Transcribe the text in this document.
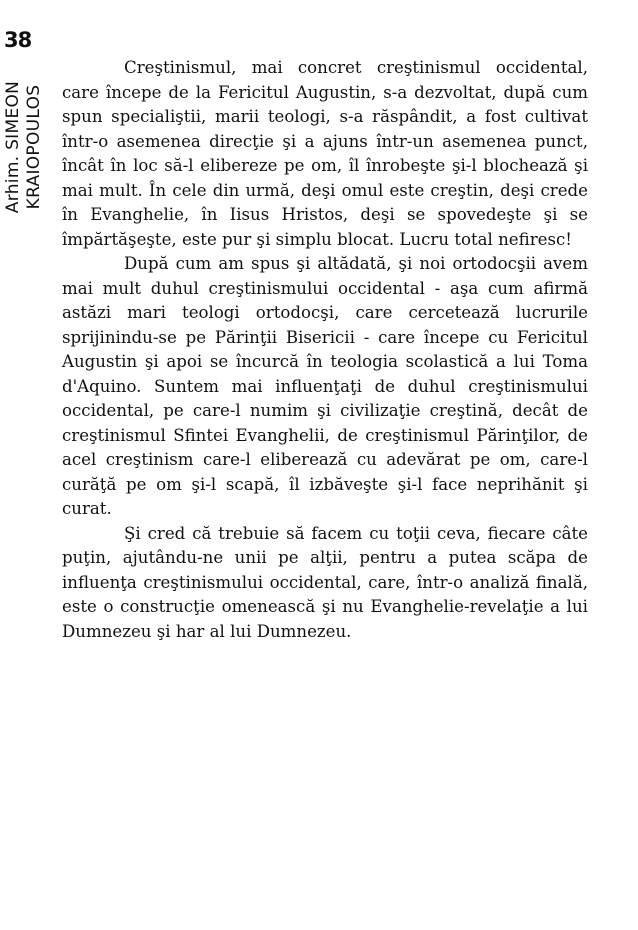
38
Arhim. SIMEON KRAIOPOULOS

Creştinismul, mai concret creştinismul occidental, care începe de la Fericitul Augustin, s-a dezvoltat, după cum spun specialiştii, marii teologi, s-a răspândit, a fost cultivat într-o asemenea direcţie şi a ajuns într-un asemenea punct, încât în loc să-l elibereze pe om, îl înrobeşte şi-l blochează şi mai mult. În cele din urmă, deşi omul este creştin, deşi crede în Evanghelie, în Iisus Hristos, deşi se spovedeşte şi se împărtăşeşte, este pur şi simplu blocat. Lucru total nefiresc!

După cum am spus şi altădată, şi noi ortodocşii avem mai mult duhul creştinismului occidental - aşa cum afirmă astăzi mari teologi ortodocşi, care cercetează lucrurile sprijinindu-se pe Părinţii Bisericii - care începe cu Fericitul Augustin şi apoi se încurcă în teologia scolastică a lui Toma d'Aquino. Suntem mai influenţaţi de duhul creştinismului occidental, pe care-l numim şi civilizaţie creştină, decât de creştinismul Sfintei Evanghelii, de creştinismul Părinţilor, de acel creştinism care-l eliberează cu adevărat pe om, care-l curăţă pe om şi-l scapă, îl izbăveşte şi-l face neprihănit şi curat.

Şi cred că trebuie să facem cu toţii ceva, fiecare câte puţin, ajutându-ne unii pe alţii, pentru a putea scăpa de influenţa creştinismului occidental, care, într-o analiză finală, este o construcţie omenească şi nu Evanghelie-revelaţie a lui Dumnezeu şi har al lui Dumnezeu.
